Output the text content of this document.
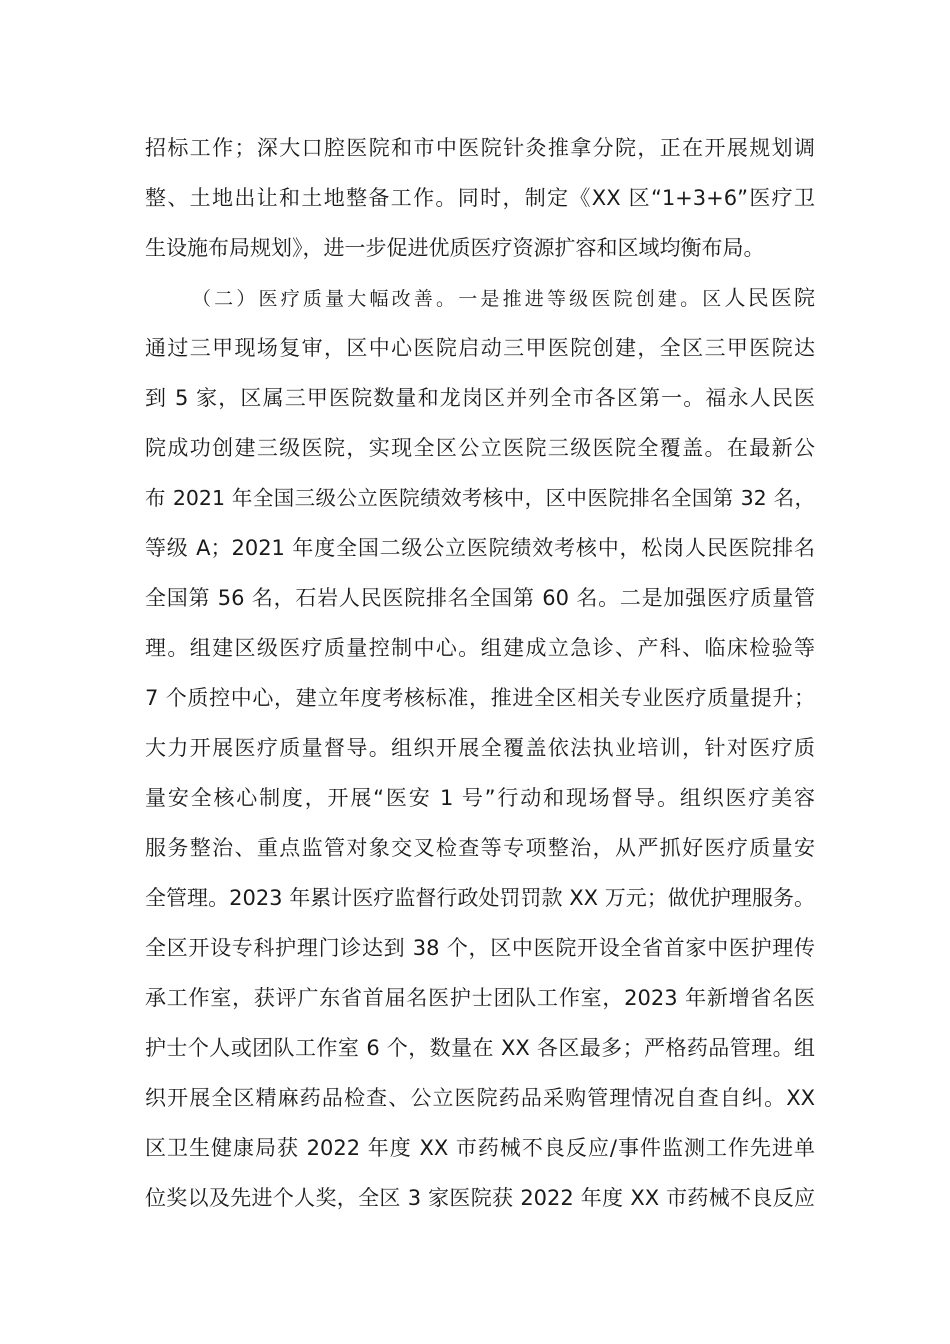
招标工作；深大口腔医院和市中医院针灸推拿分院，正在开展规划调
整、土地出让和土地整备工作。同时，制定《XX 区“1+3+6”医疗卫
生设施布局规划》，进一步促进优质医疗资源扩容和区域均衡布局。
（二）医疗质量大幅改善。一是推进等级医院创建。区人民医院
通过三甲现场复审，区中心医院启动三甲医院创建，全区三甲医院达
到 5 家，区属三甲医院数量和龙岗区并列全市各区第一。福永人民医
院成功创建三级医院，实现全区公立医院三级医院全覆盖。在最新公
布 2021 年全国三级公立医院绩效考核中，区中医院排名全国第 32 名，
等级 A；2021 年度全国二级公立医院绩效考核中，松岗人民医院排名
全国第 56 名，石岩人民医院排名全国第 60 名。二是加强医疗质量管
理。组建区级医疗质量控制中心。组建成立急诊、产科、临床检验等
7 个质控中心，建立年度考核标准，推进全区相关专业医疗质量提升；
大力开展医疗质量督导。组织开展全覆盖依法执业培训，针对医疗质
量安全核心制度，开展“医安 1 号”行动和现场督导。组织医疗美容
服务整治、重点监管对象交叉检查等专项整治，从严抓好医疗质量安
全管理。2023 年累计医疗监督行政处罚罚款 XX 万元；做优护理服务。
全区开设专科护理门诊达到 38 个，区中医院开设全省首家中医护理传
承工作室，获评广东省首届名医护士团队工作室，2023 年新增省名医
护士个人或团队工作室 6 个，数量在 XX 各区最多；严格药品管理。组
织开展全区精麻药品检查、公立医院药品采购管理情况自查自纠。XX
区卫生健康局获 2022 年度 XX 市药械不良反应/事件监测工作先进单
位奖以及先进个人奖，全区 3 家医院获 2022 年度 XX 市药械不良反应
